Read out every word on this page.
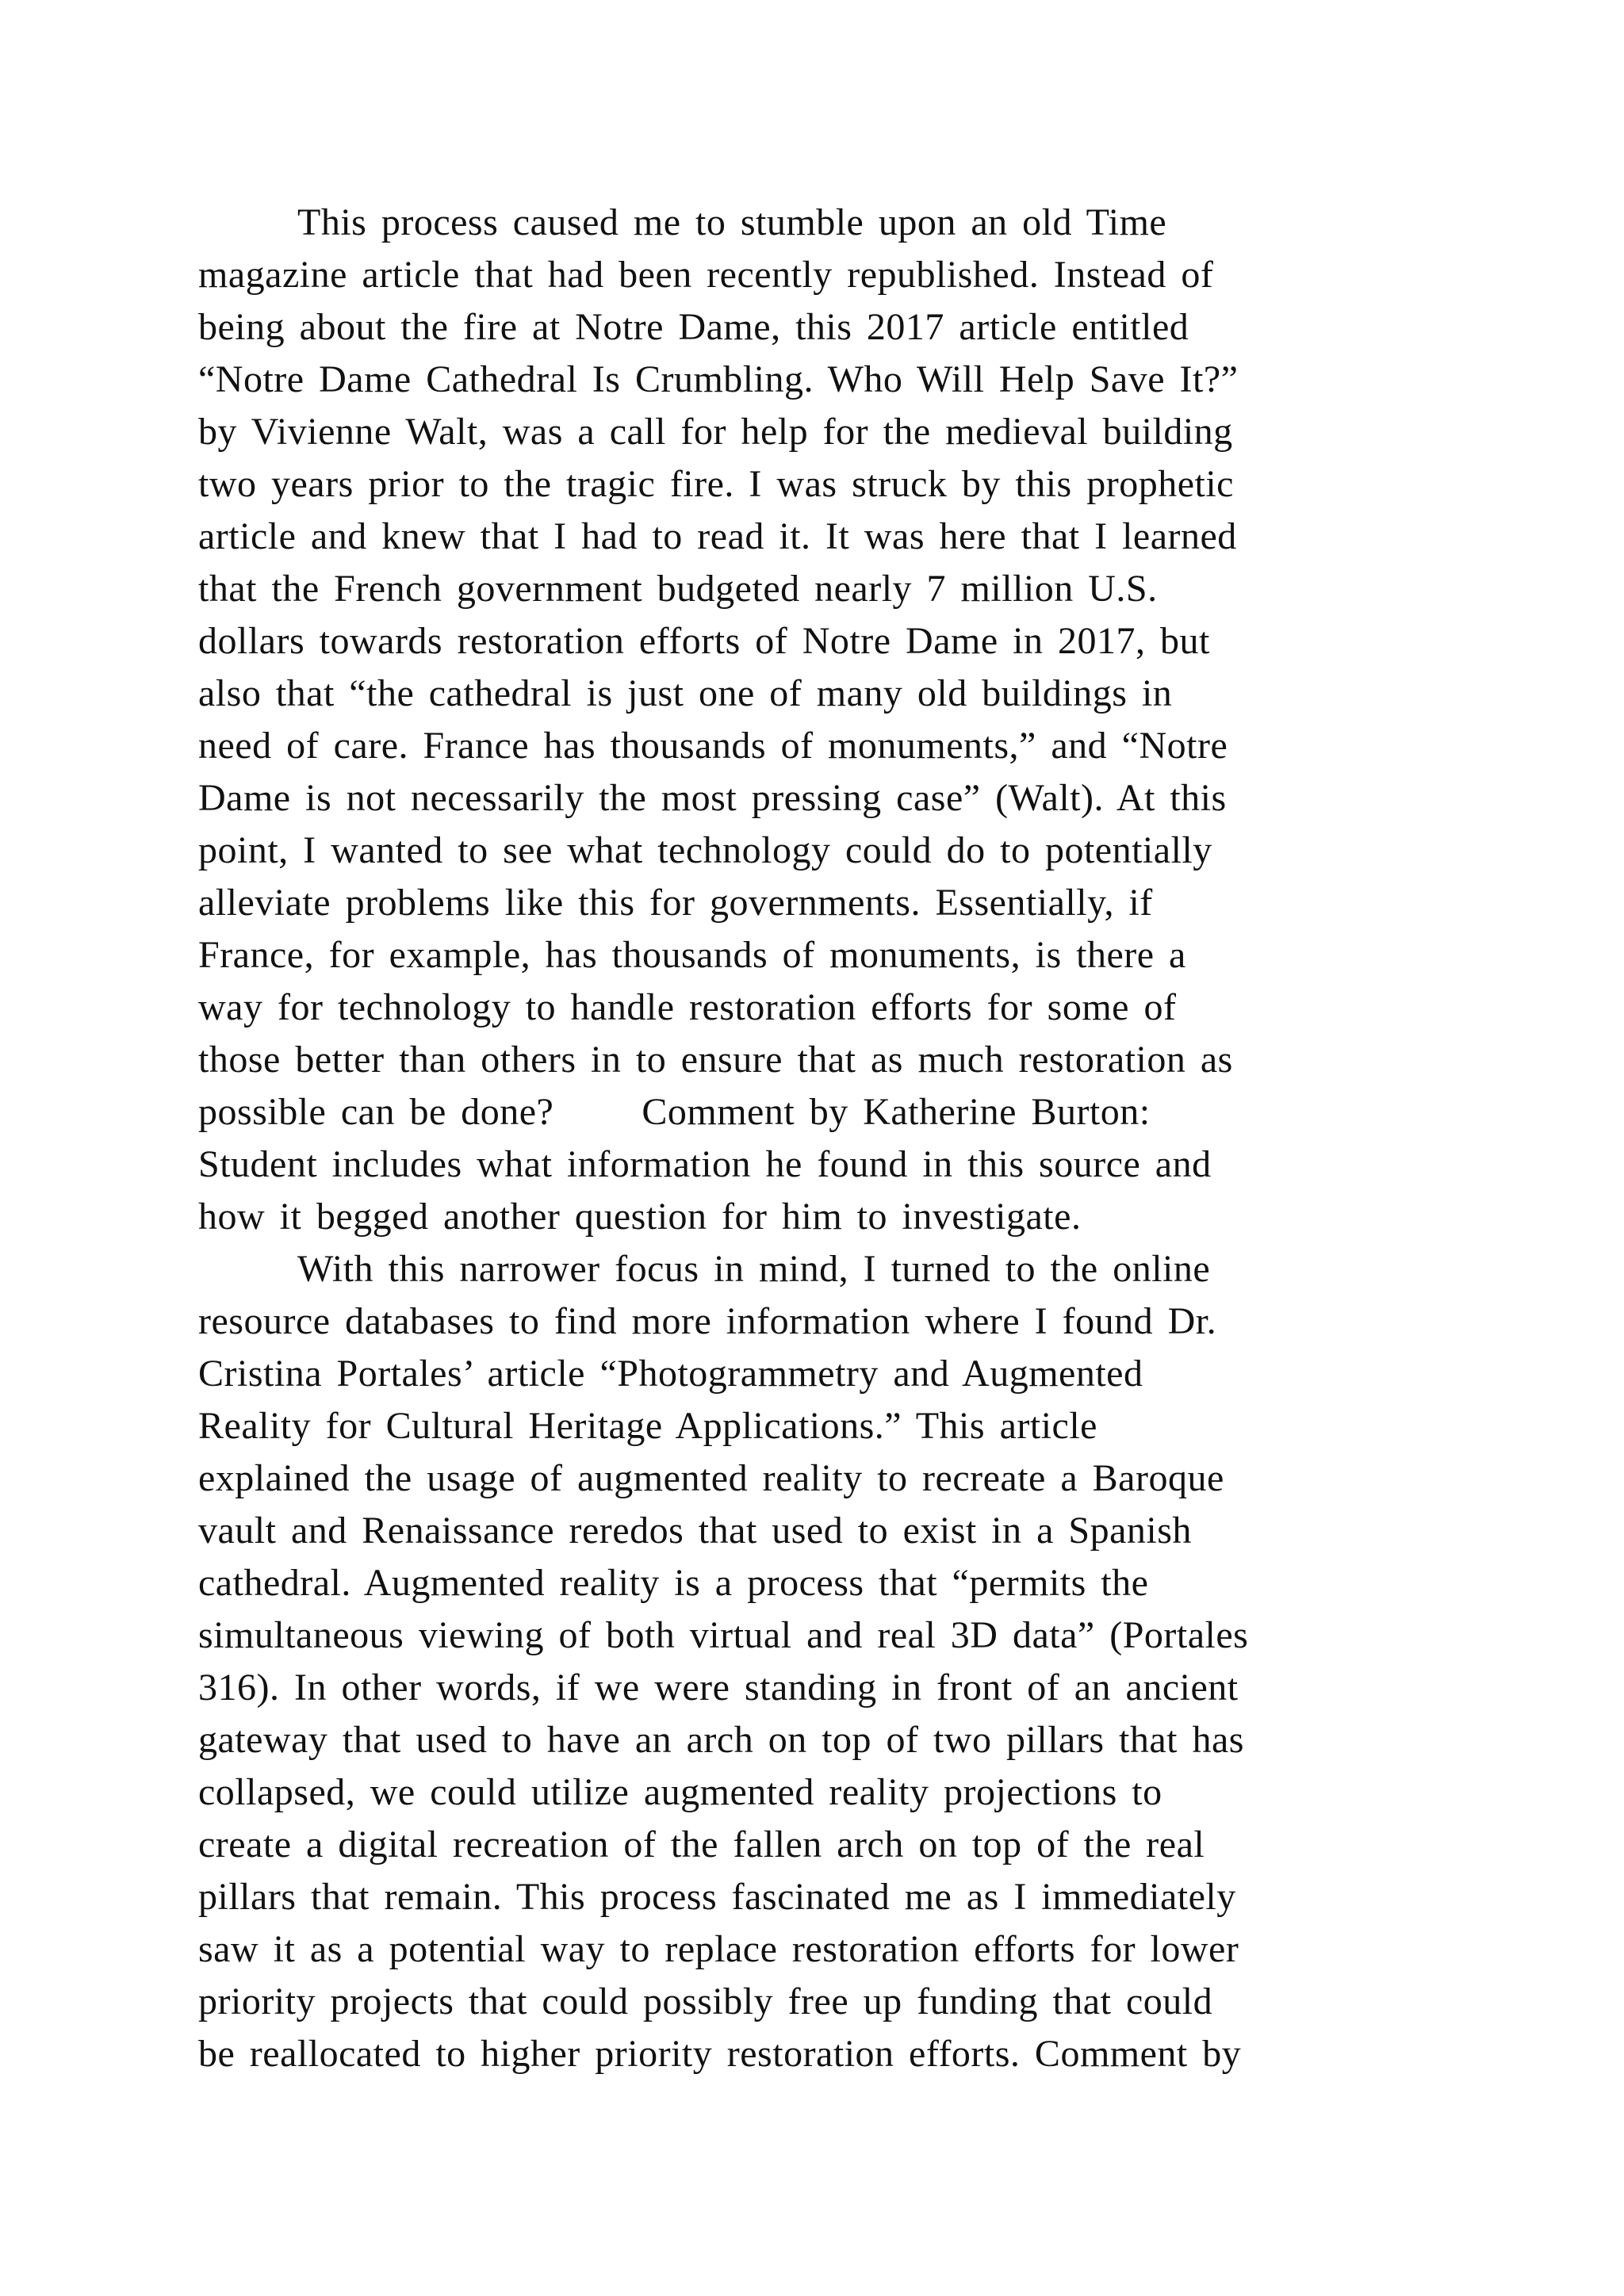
This process caused me to stumble upon an old Time
magazine article that had been recently republished. Instead of
being about the fire at Notre Dame, this 2017 article entitled
“Notre Dame Cathedral Is Crumbling. Who Will Help Save It?”
by Vivienne Walt, was a call for help for the medieval building
two years prior to the tragic fire. I was struck by this prophetic
article and knew that I had to read it. It was here that I learned
that the French government budgeted nearly 7 million U.S.
dollars towards restoration efforts of Notre Dame in 2017, but
also that “the cathedral is just one of many old buildings in
need of care. France has thousands of monuments,” and “Notre
Dame is not necessarily the most pressing case” (Walt). At this
point, I wanted to see what technology could do to potentially
alleviate problems like this for governments. Essentially, if
France, for example, has thousands of monuments, is there a
way for technology to handle restoration efforts for some of
those better than others in to ensure that as much restoration as
possible can be done?      Comment by Katherine Burton:
Student includes what information he found in this source and
how it begged another question for him to investigate.
With this narrower focus in mind, I turned to the online
resource databases to find more information where I found Dr.
Cristina Portales’ article “Photogrammetry and Augmented
Reality for Cultural Heritage Applications.” This article
explained the usage of augmented reality to recreate a Baroque
vault and Renaissance reredos that used to exist in a Spanish
cathedral. Augmented reality is a process that “permits the
simultaneous viewing of both virtual and real 3D data” (Portales
316). In other words, if we were standing in front of an ancient
gateway that used to have an arch on top of two pillars that has
collapsed, we could utilize augmented reality projections to
create a digital recreation of the fallen arch on top of the real
pillars that remain. This process fascinated me as I immediately
saw it as a potential way to replace restoration efforts for lower
priority projects that could possibly free up funding that could
be reallocated to higher priority restoration efforts. Comment by
